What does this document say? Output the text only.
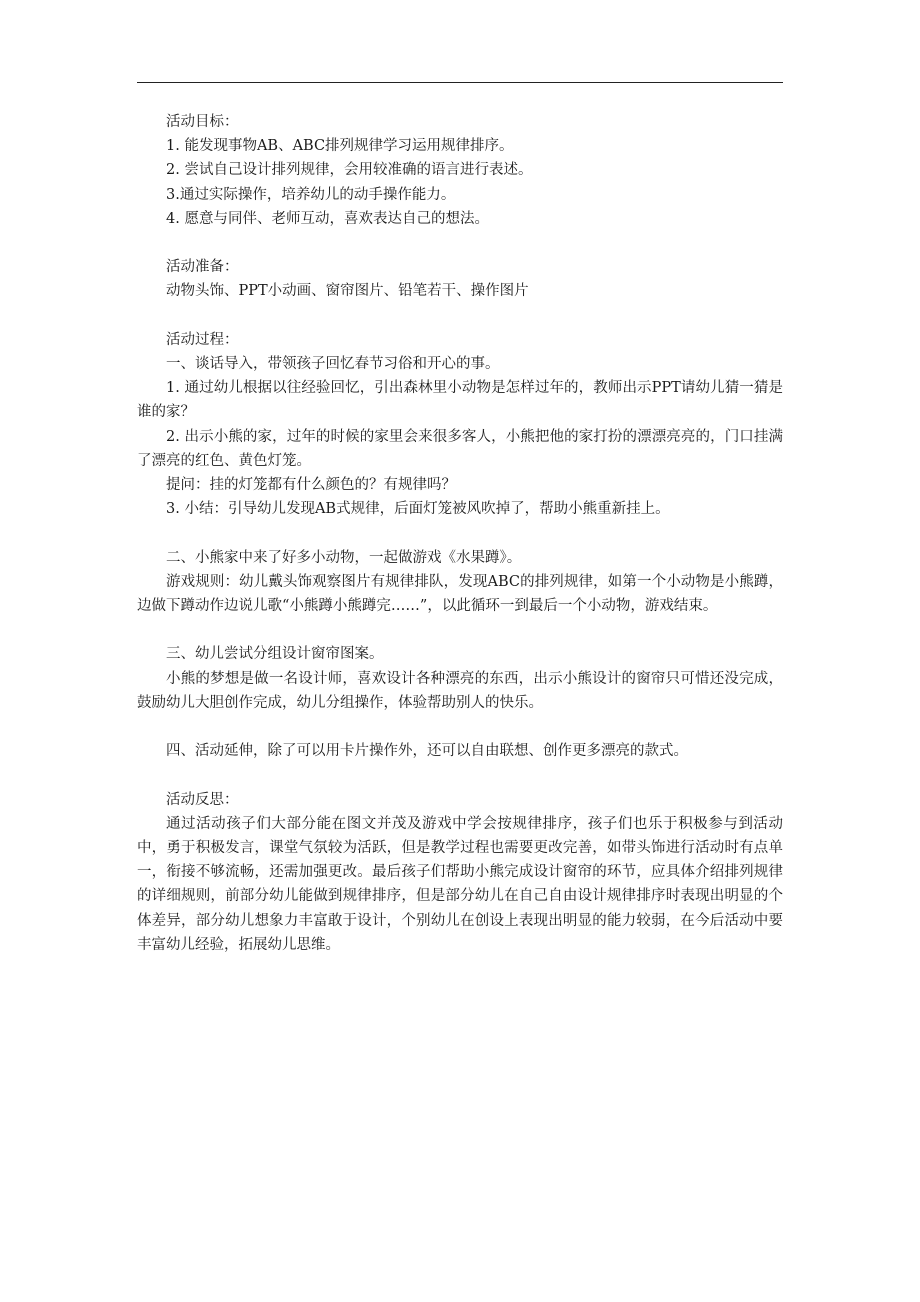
活动目标：

1. 能发现事物AB、ABC排列规律学习运用规律排序。

2. 尝试自己设计排列规律，会用较准确的语言进行表述。

3.通过实际操作，培养幼儿的动手操作能力。

4. 愿意与同伴、老师互动，喜欢表达自己的想法。

活动准备：

动物头饰、PPT小动画、窗帘图片、铅笔若干、操作图片

活动过程：

一、谈话导入，带领孩子回忆春节习俗和开心的事。

1. 通过幼儿根据以往经验回忆，引出森林里小动物是怎样过年的，教师出示PPT请幼儿猜一猜是谁的家？

2. 出示小熊的家，过年的时候的家里会来很多客人，小熊把他的家打扮的漂漂亮亮的，门口挂满了漂亮的红色、黄色灯笼。

提问：挂的灯笼都有什么颜色的？有规律吗？

3. 小结：引导幼儿发现AB式规律，后面灯笼被风吹掉了，帮助小熊重新挂上。

二、小熊家中来了好多小动物，一起做游戏《水果蹲》。

游戏规则：幼儿戴头饰观察图片有规律排队，发现ABC的排列规律，如第一个小动物是小熊蹲，边做下蹲动作边说儿歌“小熊蹲小熊蹲完……”，以此循环一到最后一个小动物，游戏结束。

三、幼儿尝试分组设计窗帘图案。

小熊的梦想是做一名设计师，喜欢设计各种漂亮的东西，出示小熊设计的窗帘只可惜还没完成，鼓励幼儿大胆创作完成，幼儿分组操作，体验帮助别人的快乐。

四、活动延伸，除了可以用卡片操作外，还可以自由联想、创作更多漂亮的款式。

活动反思：

通过活动孩子们大部分能在图文并茂及游戏中学会按规律排序，孩子们也乐于积极参与到活动中，勇于积极发言，课堂气氛较为活跃，但是教学过程也需要更改完善，如带头饰进行活动时有点单一，衔接不够流畅，还需加强更改。最后孩子们帮助小熊完成设计窗帘的环节，应具体介绍排列规律的详细规则，前部分幼儿能做到规律排序，但是部分幼儿在自己自由设计规律排序时表现出明显的个体差异，部分幼儿想象力丰富敢于设计，个别幼儿在创设上表现出明显的能力较弱，在今后活动中要丰富幼儿经验，拓展幼儿思维。
